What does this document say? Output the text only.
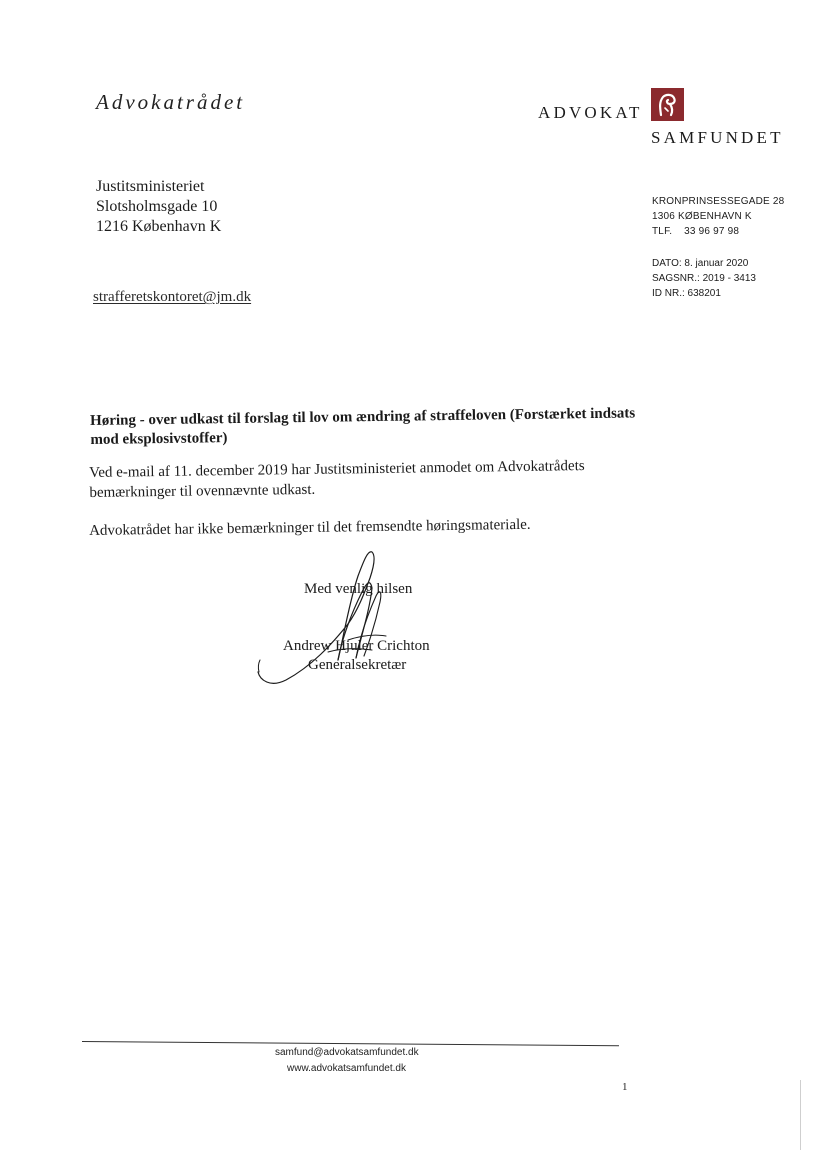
Advokatrådet	ADVOKAT
SAMFUNDET
Justitsministeriet
Slotsholmsgade 10
1216 København K
strafferetskontoret@jm.dk
KRONPRINSESSEGADE 28
1306 KØBENHAVN K
TLF.    33 96 97 98
DATO: 8. januar 2020
SAGSNR.: 2019 - 3413
ID NR.: 638201
Høring - over udkast til forslag til lov om ændring af straffeloven (Forstærket indsats mod eksplosivstoffer)
Ved e-mail af 11. december 2019 har Justitsministeriet anmodet om Advokatrådets bemærkninger til ovennævnte udkast.
Advokatrådet har ikke bemærkninger til det fremsendte høringsmateriale.
Med venlig hilsen
Andrew Hjuler Crichton
Generalsekretær
samfund@advokatsamfundet.dk
www.advokatsamfundet.dk
1
